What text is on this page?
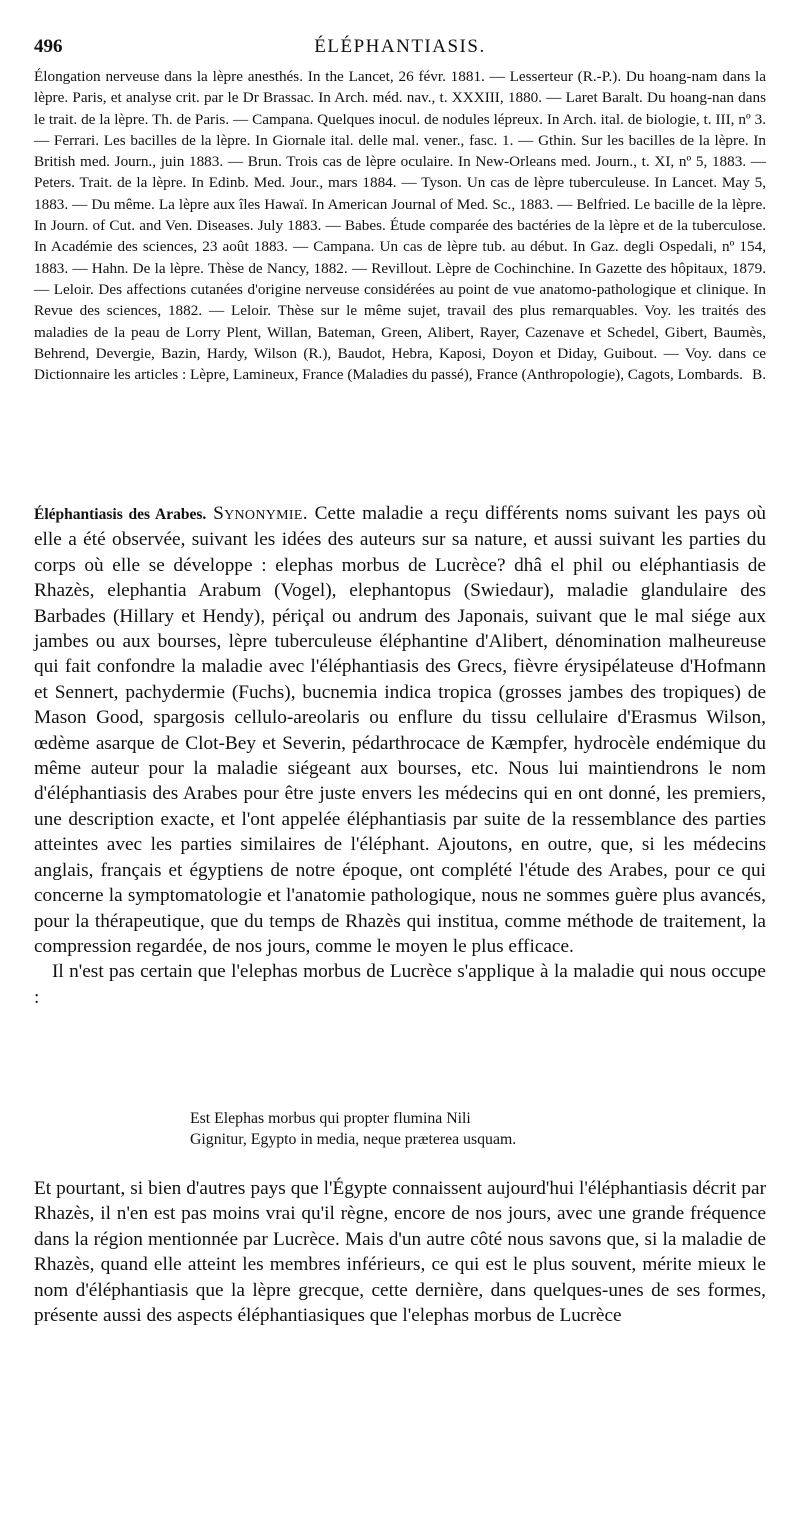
496	ÉLÉPHANTIASIS.
Élongation nerveuse dans la lèpre anesthés. In the Lancet, 26 févr. 1881. — Lessertеur (R.-P.). Du hoang-nam dans la lèpre. Paris, et analyse crit. par le Dr Brassac. In Arch. méd. nav., t. XXXIII, 1880. — Laret Baralt. Du hoang-nan dans le trait. de la lèpre. Th. de Paris. — Campana. Quelques inocul. de nodules lépreux. In Arch. ital. de biologie, t. III, nº 3. — Ferrari. Les bacilles de la lèpre. In Giornale ital. delle mal. vener., fasc. 1. — Gthin. Sur les bacilles de la lèpre. In British med. Journ., juin 1883. — Brun. Trois cas de lèpre oculaire. In New-Orleans med. Journ., t. XI, nº 5, 1883. — Peters. Trait. de la lèpre. In Edinb. Med. Jour., mars 1884. — Tyson. Un cas de lèpre tuberculeuse. In Lancet. May 5, 1883. — Du même. La lèpre aux îles Hawaï. In American Journal of Med. Sc., 1883. — Belfried. Le bacille de la lèpre. In Journ. of Cut. and Ven. Diseases. July 1883. — Babes. Étude comparée des bactéries de la lèpre et de la tuberculose. In Académie des sciences, 23 août 1883. — Campana. Un cas de lèpre tub. au début. In Gaz. degli Ospedali, nº 154, 1883. — Hahn. De la lèpre. Thèse de Nancy, 1882. — Revillout. Lèpre de Cochinchine. In Gazette des hôpitaux, 1879. — Leloir. Des affections cutanées d'origine nerveuse considérées au point de vue anatomo-pathologique et clinique. In Revue des sciences, 1882. — Leloir. Thèse sur le même sujet, travail des plus remarquables. Voy. les traités des maladies de la peau de Lorry Plent, Willan, Bateman, Green, Alibert, Rayer, Cazenave et Schedel, Gibert, Baumès, Behrend, Devergie, Bazin, Hardy, Wilson (R.), Baudot, Hebra, Kaposi, Doyon et Diday, Guibout. — Voy. dans ce Dictionnaire les articles : Lèpre, Lamineux, France (Maladies du passé), France (Anthropologie), Cagots, Lombards. B.

Éléphantiasis des Arabes. Synonymie. Cette maladie a reçu différents noms suivant les pays où elle a été observée, suivant les idées des auteurs sur sa nature, et aussi suivant les parties du corps où elle se développe : elephas morbus de Lucrèce? dhâ el phil ou eléphantiasis de Rhazès, elephantia Arabum (Vogel), elephantopus (Swiedaur), maladie glandulaire des Barbades (Hillary et Hendy), périçal ou andrum des Japonais, suivant que le mal siége aux jambes ou aux bourses, lèpre tuberculeuse éléphantine d'Alibert, dénomination malheureuse qui fait confondre la maladie avec l'éléphantiasis des Grecs, fièvre érysipélateuse d'Hofmann et Sennert, pachydermie (Fuchs), bucnemia indica tropica (grosses jambes des tropiques) de Mason Good, spargosis cellulo-areolaris ou enflure du tissu cellulaire d'Erasmus Wilson, œdème asarque de Clot-Bey et Severin, pédarthrocace de Kæmpfer, hydrocèle endémique du même auteur pour la maladie siégeant aux bourses, etc. Nous lui maintiendrons le nom d'éléphantiasis des Arabes pour être juste envers les médecins qui en ont donné, les premiers, une description exacte, et l'ont appelée éléphantiasis par suite de la ressemblance des parties atteintes avec les parties similaires de l'éléphant. Ajoutons, en outre, que, si les médecins anglais, français et égyptiens de notre époque, ont complété l'étude des Arabes, pour ce qui concerne la symptomatologie et l'anatomie pathologique, nous ne sommes guère plus avancés, pour la thérapeutique, que du temps de Rhazès qui institua, comme méthode de traitement, la compression regardée, de nos jours, comme le moyen le plus efficace.

Il n'est pas certain que l'elephas morbus de Lucrèce s'applique à la maladie qui nous occupe :

Est Elephas morbus qui propter flumina Nili
Gignitur, Egypto in media, neque præterea usquam.

Et pourtant, si bien d'autres pays que l'Égypte connaissent aujourd'hui l'éléphantiasis décrit par Rhazès, il n'en est pas moins vrai qu'il règne, encore de nos jours, avec une grande fréquence dans la région mentionnée par Lucrèce. Mais d'un autre côté nous savons que, si la maladie de Rhazès, quand elle atteint les membres inférieurs, ce qui est le plus souvent, mérite mieux le nom d'éléphantiasis que la lèpre grecque, cette dernière, dans quelques-unes de ses formes, présente aussi des aspects éléphantiasiques que l'elephas morbus de Lucrèce
